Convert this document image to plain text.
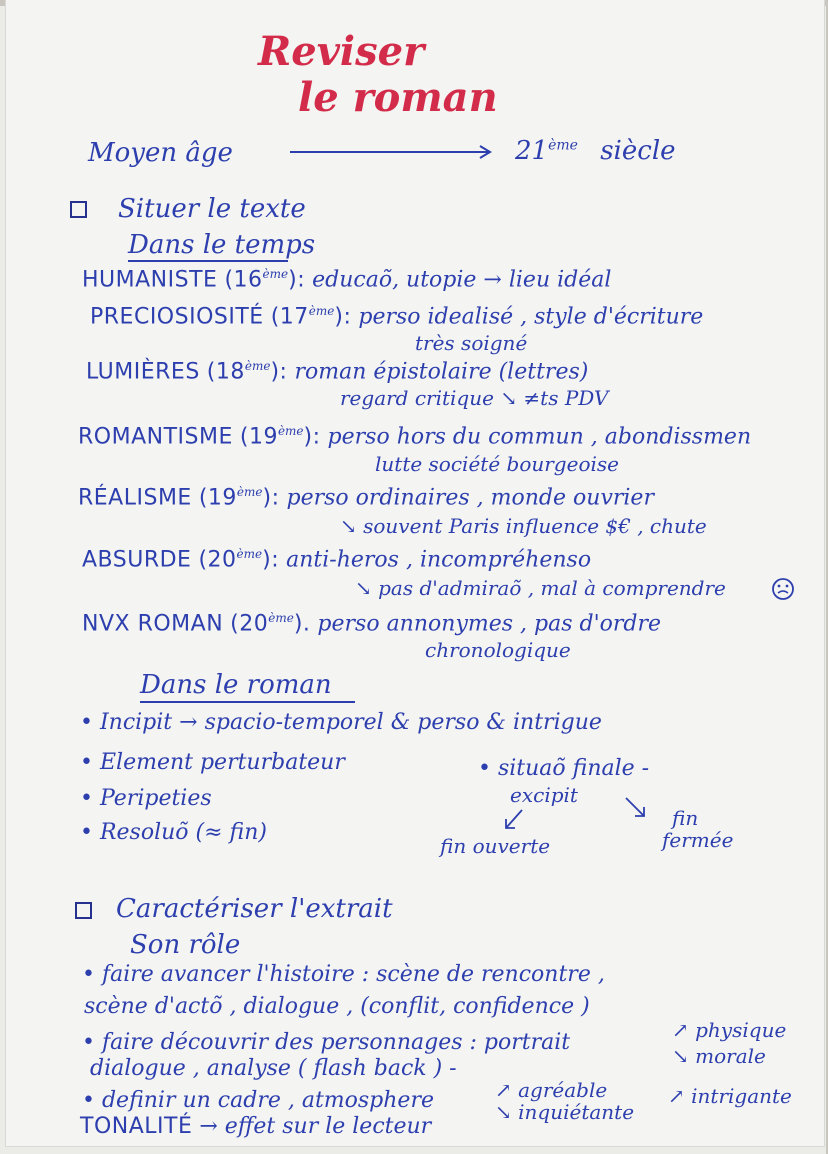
Reviser
le roman
Moyen âge	21ème siècle
Situer le texte
Dans le temps
HUMANISTE (16ème): educaõ, utopie → lieu idéal
PRECIOSIOSITÉ (17ème): perso idealisé , style d'écriture
très soigné
LUMIÈRES (18ème): roman épistolaire (lettres)
regard critique ↘ ≠ts PDV
ROMANTISME (19ème): perso hors du commun , abondissmen
lutte société bourgeoise
RÉALISME (19ème): perso ordinaires , monde ouvrier
↘ souvent Paris influence $€ , chute
ABSURDE (20ème): anti-heros , incompréhenso
↘ pas d'admiraõ , mal à comprendre
NVX ROMAN (20ème). perso annonymes , pas d'ordre
chronologique
Dans le roman
• Incipit → spacio-temporel & perso & intrigue
• Element perturbateur
• Peripeties
• Resoluõ (≈ fin)
• situaõ finale -
excipit
fin ouverte
fin
fermée
Caractériser l'extrait
Son rôle
• faire avancer l'histoire : scène de rencontre ,
scène d'actõ , dialogue , (conflit, confidence )
• faire découvrir des personnages : portrait
dialogue , analyse ( flash back ) -
• definir un cadre , atmosphere
↗ physique
↘ morale
↗ agréable
↘ inquiétante
↗ intrigante
TONALITÉ → effet sur le lecteur
